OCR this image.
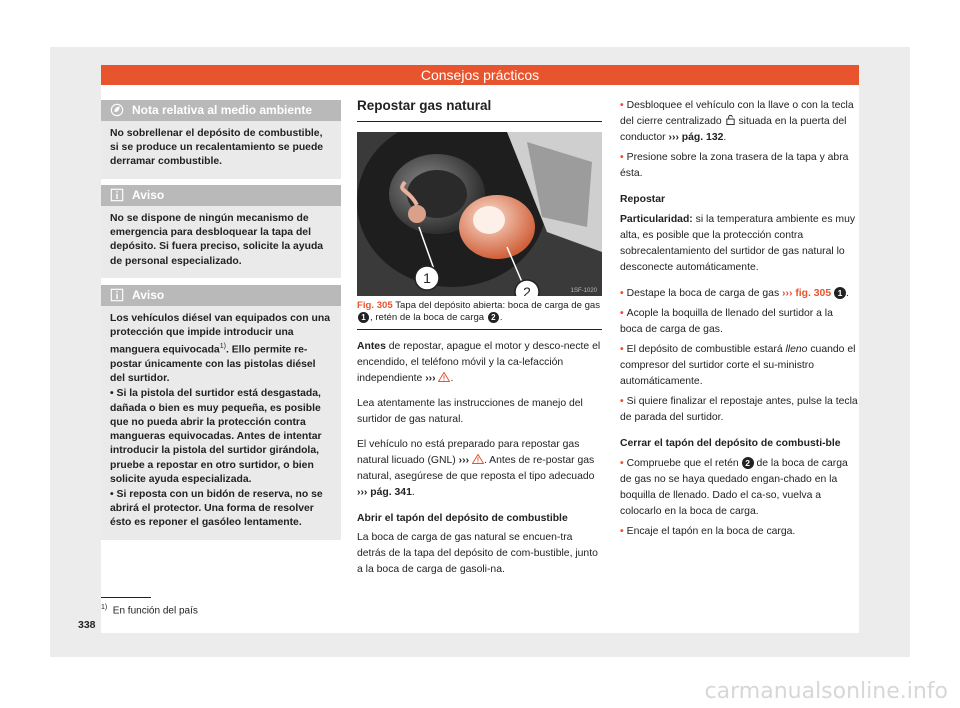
Consejos prácticos
Nota relativa al medio ambiente

No sobrellenar el depósito de combustible, si se produce un recalentamiento se puede derramar combustible.

Aviso

No se dispone de ningún mecanismo de emergencia para desbloquear la tapa del depósito. Si fuera preciso, solicite la ayuda de personal especializado.

Aviso

Los vehículos diésel van equipados con una protección que impide introducir una manguera equivocada$^{1)}$. Ello permite re-postar únicamente con las pistolas diésel del surtidor.

• Si la pistola del surtidor está desgastada, dañada o bien es muy pequeña, es posible que no pueda abrir la protección contra mangueras equivocadas. Antes de intentar introducir la pistola del surtidor girándola, pruebe a repostar en otro surtidor, o bien solicite ayuda especializada.

• Si reposta con un bidón de reserva, no se abrirá el protector. Una forma de resolver ésto es reponer el gasóleo lentamente.

Repostar gas natural
1
2	1SF-1020
Fig. 305 Tapa del depósito abierta: boca de carga de gas 1 , retén de la boca de carga 2 .

Antes de repostar, apague el motor y desco-necte el encendido, el teléfono móvil y la ca-lefacción independiente ››› .

Lea atentamente las instrucciones de manejo del surtidor de gas natural.

El vehículo no está preparado para repostar gas natural licuado (GNL) ››› . Antes de re-postar gas natural, asegúrese de que reposta el tipo adecuado ››› pág. 341.

Abrir el tapón del depósito de combustible

La boca de carga de gas natural se encuen-tra detrás de la tapa del depósito de com-bustible, junto a la boca de carga de gasoli-na.

• Desbloquee el vehículo con la llave o con la tecla del cierre centralizado situada en la puerta del conductor ››› pág. 132.

• Presione sobre la zona trasera de la tapa y abra ésta.

Repostar

Particularidad: si la temperatura ambiente es muy alta, es posible que la protección contra sobrecalentamiento del surtidor de gas natural lo desconecte automáticamente.

• Destape la boca de carga de gas ››› fig. 305 1 .

• Acople la boquilla de llenado del surtidor a la boca de carga de gas.

• El depósito de combustible estará lleno cuando el compresor del surtidor corte el su-ministro automáticamente.

• Si quiere finalizar el repostaje antes, pulse la tecla de parada del surtidor.

Cerrar el tapón del depósito de combusti-ble

• Compruebe que el retén 2 de la boca de carga de gas no se haya quedado engan-chado en la boquilla de llenado. Dado el ca-so, vuelva a colocarlo en la boca de carga.

• Encaje el tapón en la boca de carga.

$^{1)}$ En función del país
338
carmanualsonline.info
